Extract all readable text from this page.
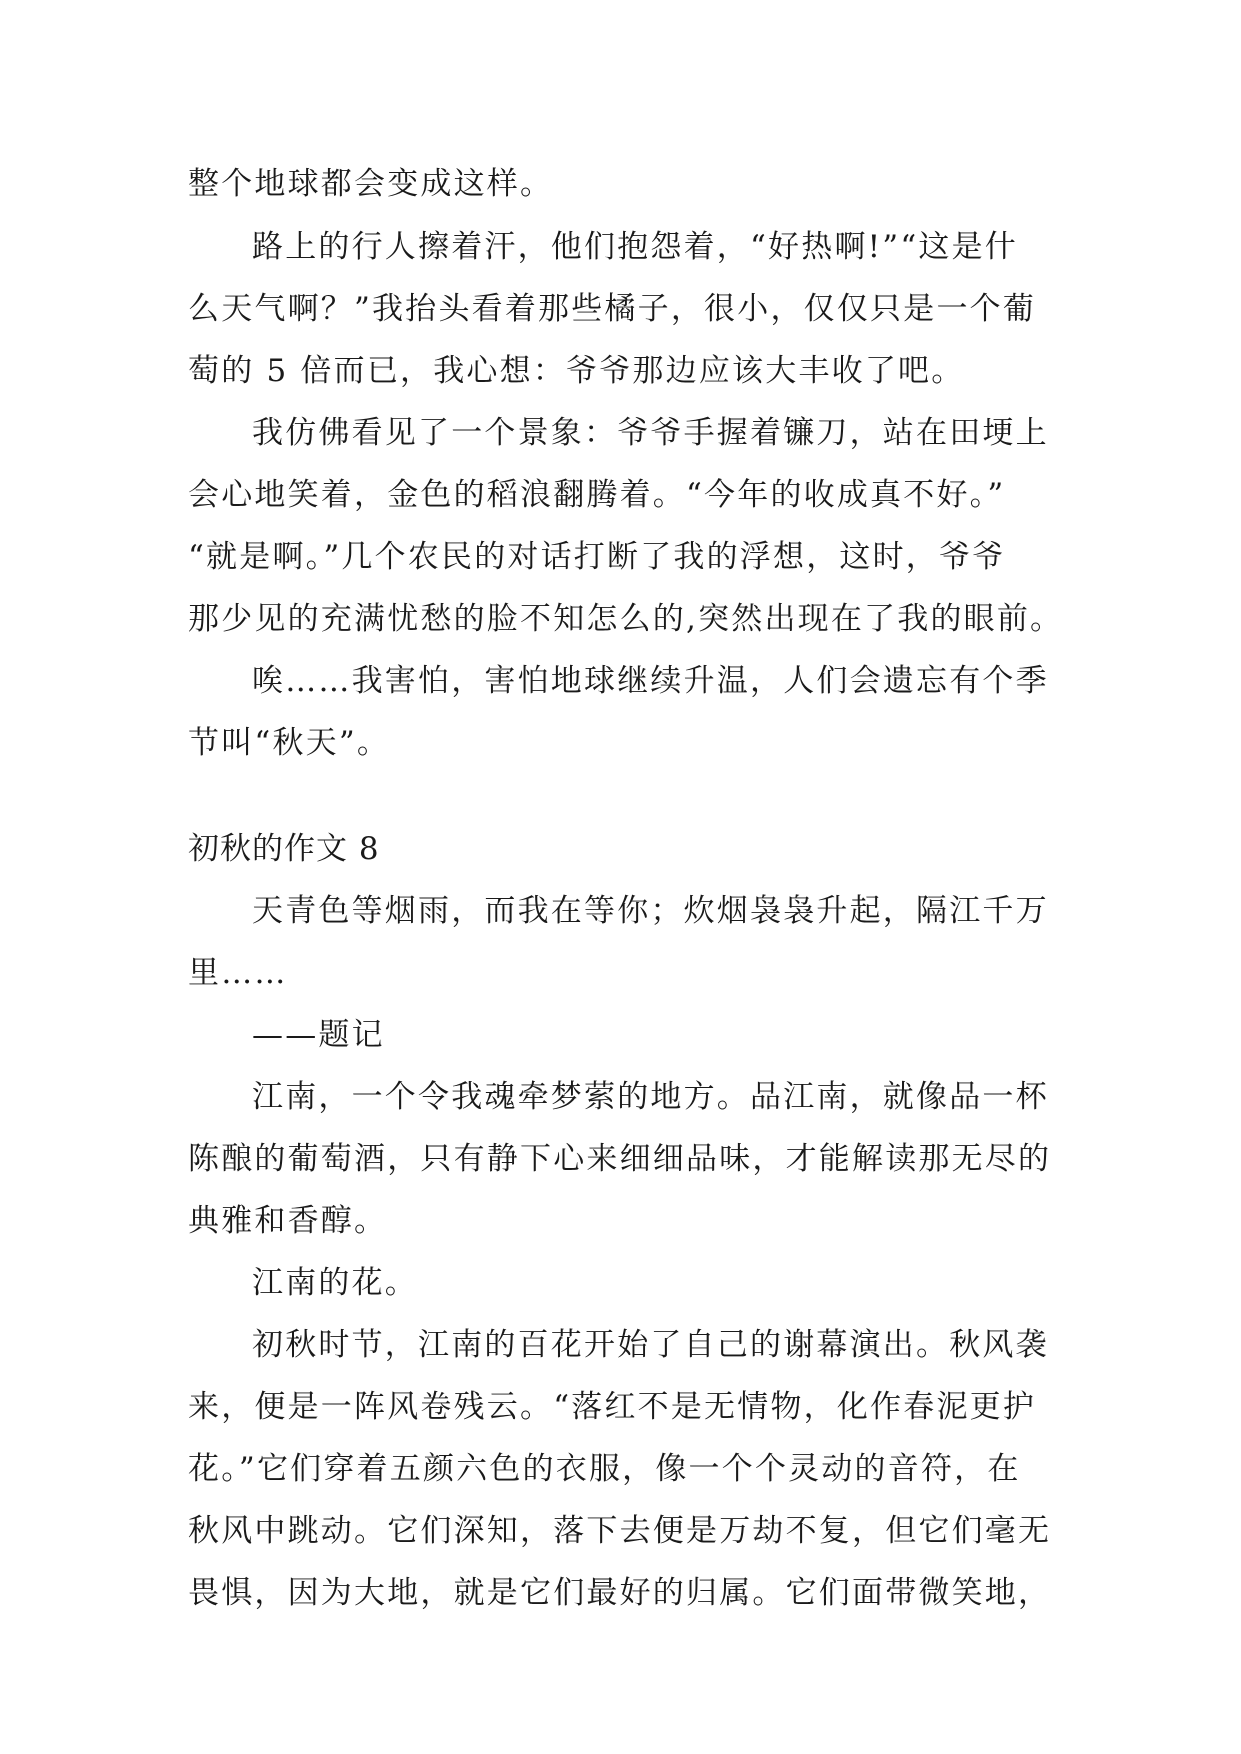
整个地球都会变成这样。
路上的行人擦着汗，他们抱怨着，“好热啊!”“这是什
么天气啊？”我抬头看着那些橘子，很小，仅仅只是一个葡
萄的 5 倍而已，我心想：爷爷那边应该大丰收了吧。
我仿佛看见了一个景象：爷爷手握着镰刀，站在田埂上
会心地笑着，金色的稻浪翻腾着。“今年的收成真不好。”
“就是啊。”几个农民的对话打断了我的浮想，这时，爷爷
那少见的充满忧愁的脸不知怎么的,突然出现在了我的眼前。
唉……我害怕，害怕地球继续升温，人们会遗忘有个季
节叫“秋天”。
初秋的作文 8
天青色等烟雨，而我在等你；炊烟袅袅升起，隔江千万
里……
——题记
江南，一个令我魂牵梦萦的地方。品江南，就像品一杯
陈酿的葡萄酒，只有静下心来细细品味，才能解读那无尽的
典雅和香醇。
江南的花。
初秋时节，江南的百花开始了自己的谢幕演出。秋风袭
来，便是一阵风卷残云。“落红不是无情物，化作春泥更护
花。”它们穿着五颜六色的衣服，像一个个灵动的音符，在
秋风中跳动。它们深知，落下去便是万劫不复，但它们毫无
畏惧，因为大地，就是它们最好的归属。它们面带微笑地，
